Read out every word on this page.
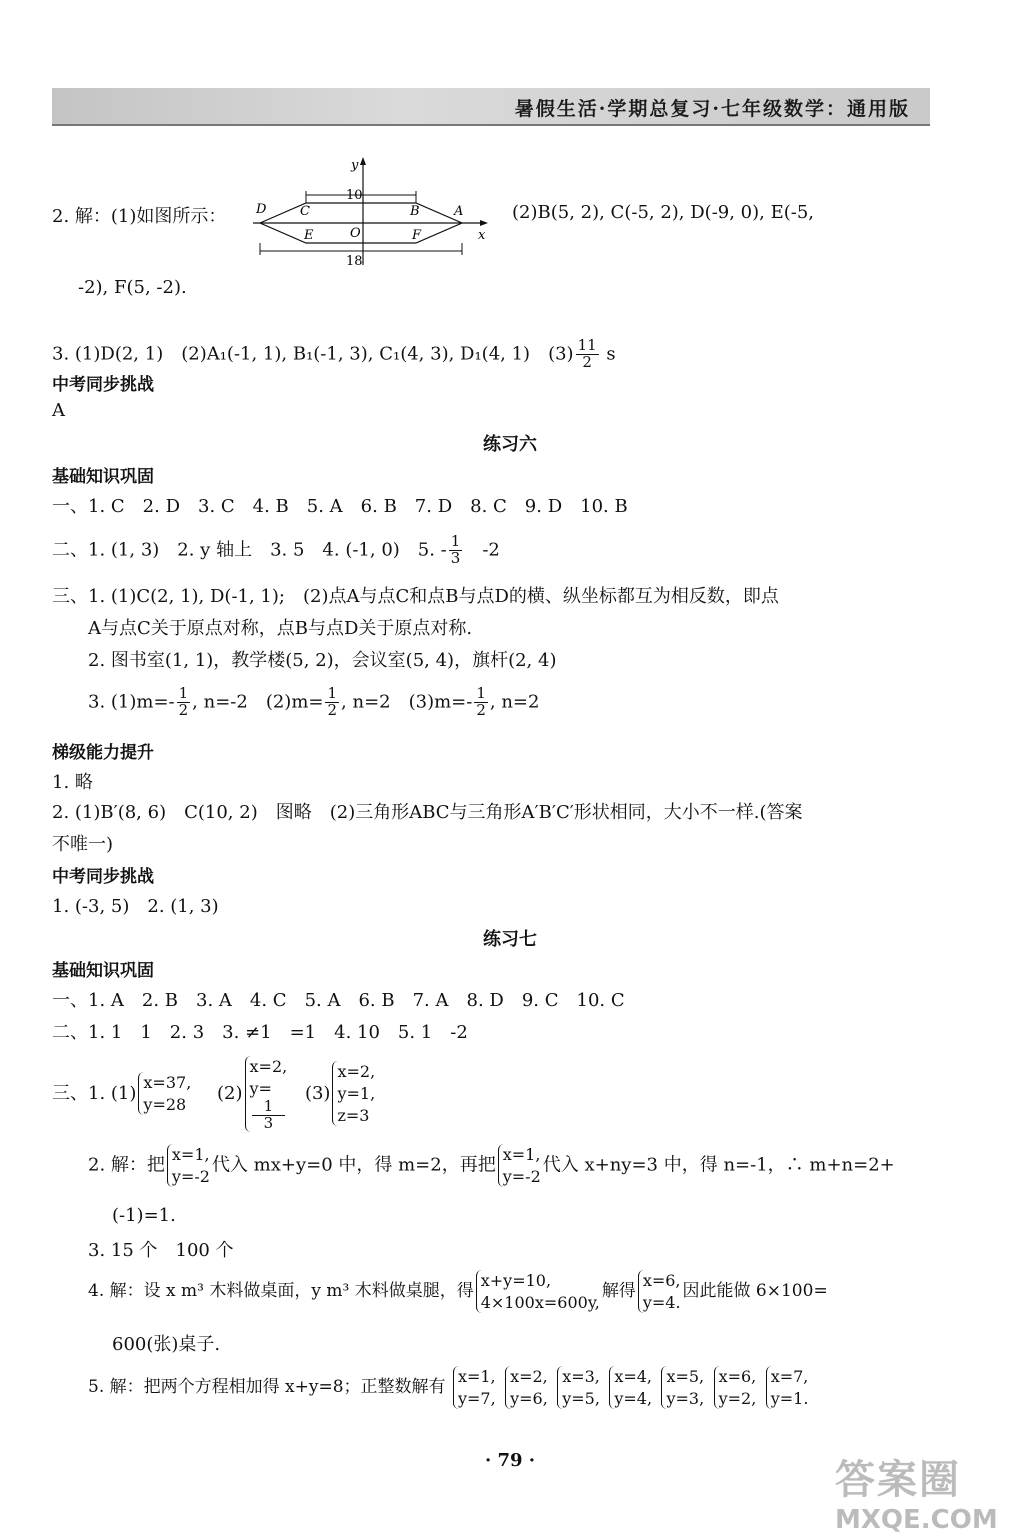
暑假生活·学期总复习·七年级数学：通用版
y
x
10
18
D	C	B	A
E	O	F
2. 解：(1)如图所示：	(2)B(5, 2), C(-5, 2), D(-9, 0), E(-5,
-2), F(5, -2).
3. (1)D(2, 1)　(2)A₁(-1, 1), B₁(-1, 3), C₁(4, 3), D₁(4, 1)　$(3) \frac{11}{2}$ s
中考同步挑战
A
练习六
基础知识巩固
一、1. C　2. D　3. C　4. B　5. A　6. B　7. D　8. C　9. D　10. B
二、1. (1, 3)　2. y 轴上　3. 5　4. (-1, 0)　5. - $\frac{1}{3}$ 　-2
三、1. (1)C(2, 1), D(-1, 1);　(2)点A与点C和点B与点D的横、纵坐标都互为相反数，即点
A与点C关于原点对称，点B与点D关于原点对称.
2. 图书室(1, 1)，教学楼(5, 2)，会议室(5, 4)，旗杆(2, 4)
3. $(1)m=- \frac{1}{2}$ , n=-2　$(2)m= \frac{1}{2}$ , n=2　$(3)m=- \frac{1}{2}$ , n=2
梯级能力提升
1. 略
2. (1)B′(8, 6)　C(10, 2)　图略　(2)三角形ABC与三角形A′B′C′形状相同，大小不一样.(答案
不唯一)
中考同步挑战
1. (-3, 5)　2. (1, 3)
练习七
基础知识巩固
一、1. A　2. B　3. A　4. C　5. A　6. B　7. A　8. D　9. C　10. C
二、1. 1　1　2. 3　3. ≠1　=1　4. 10　5. 1　-2
三、1. (1)
x=37,
y=28
(2)
x=2,
y=
1
3
(3)
x=2,
y=1,
z=3
2. 解：把
x=1,
y=-2
代入 mx+y=0 中，得 m=2，再把
x=1,
y=-2
代入 x+ny=3 中，得 n=-1，∴ m+n=2+
(-1)=1.
3. 15 个　100 个
4. 解：设 x m³ 木料做桌面，y m³ 木料做桌腿，得
x+y=10,
4×100x=600y,
解得
x=6,
y=4.
因此能做 6×100=
600(张)桌子.
5. 解：把两个方程相加得 x+y=8；正整数解有
x=1,
y=7,

x=2,
y=6,

x=3,
y=5,

x=4,
y=4,

x=5,
y=3,

x=6,
y=2,

x=7,
y=1.
· 79 ·	答案圈
MXQE.COM
